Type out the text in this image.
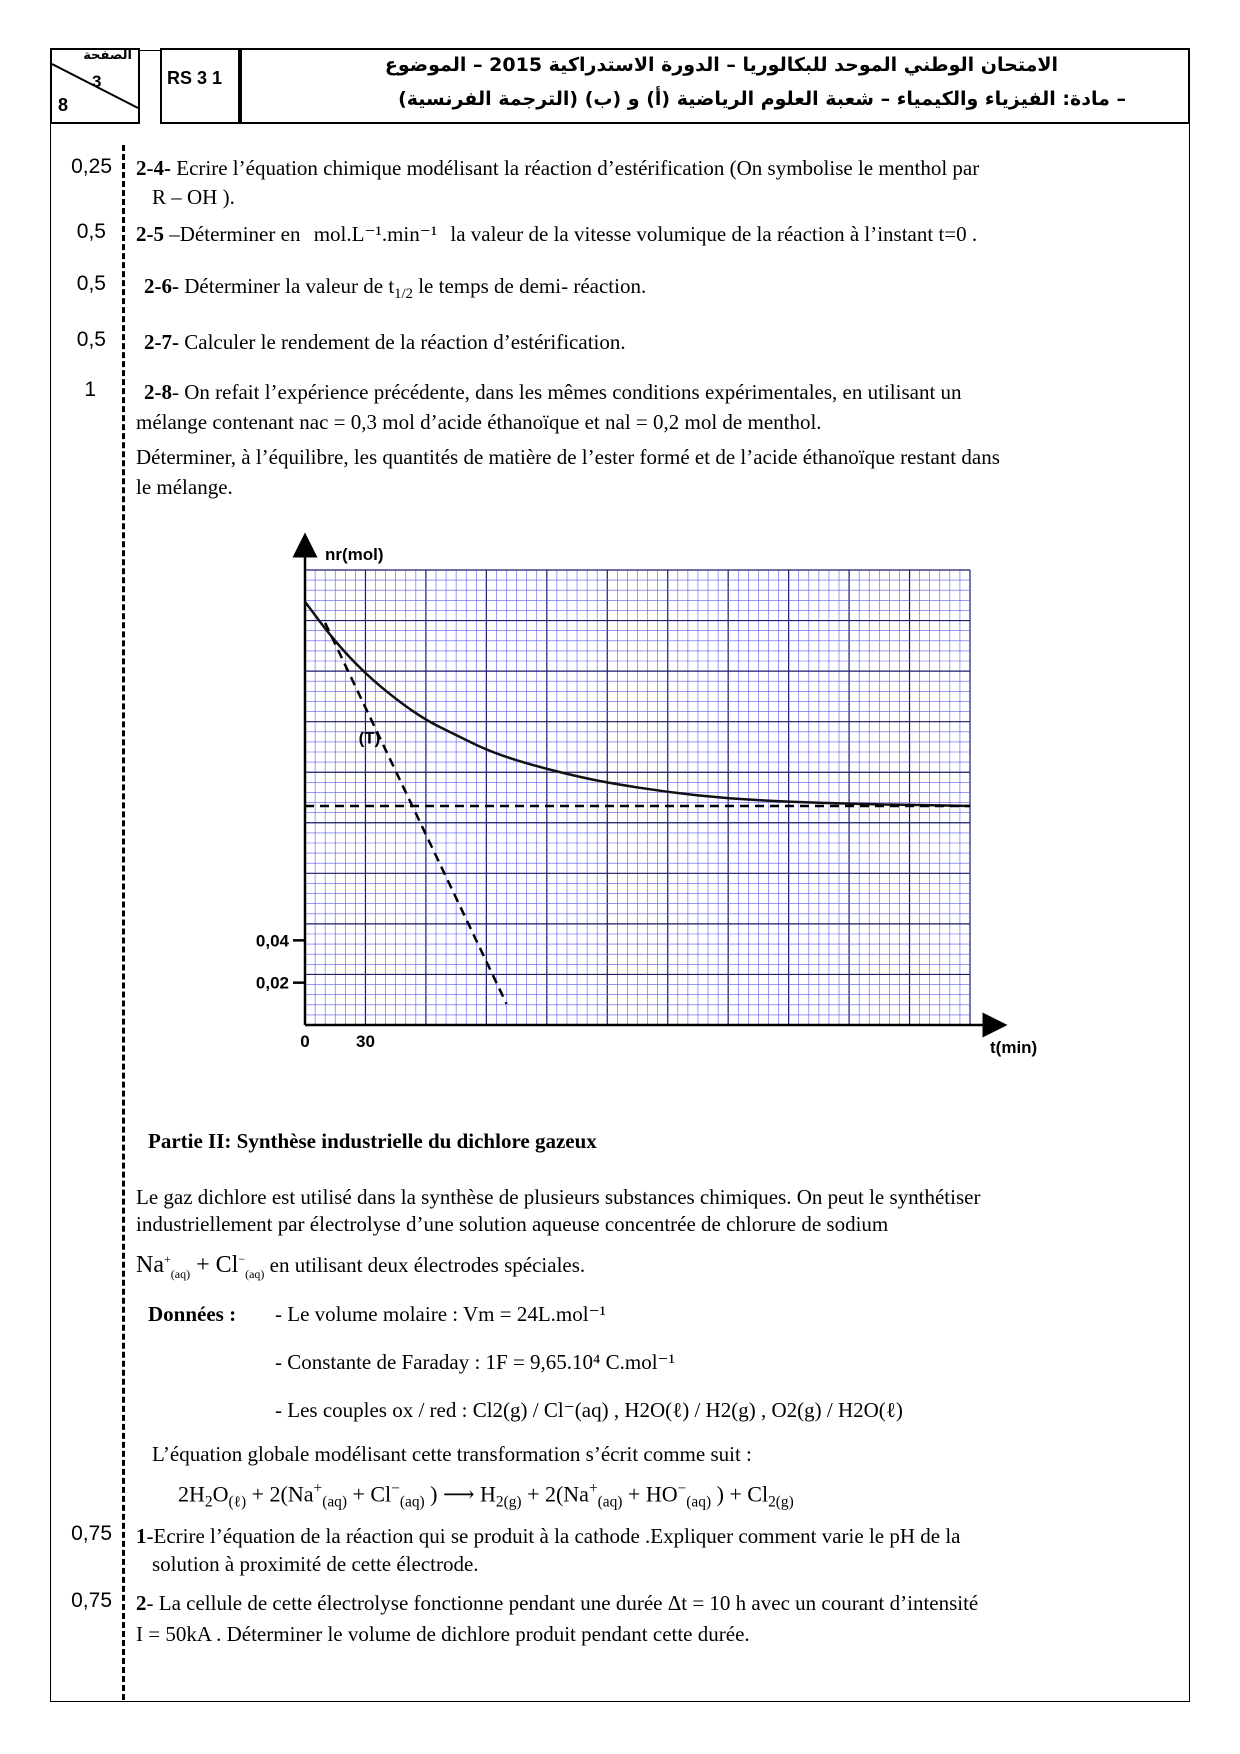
الصفحة
3
8
RS 3 1
الامتحان الوطني الموحد للبكالوريا – الدورة الاستدراكية 2015 – الموضوع
– مادة: الفيزياء والكيمياء – شعبة العلوم الرياضية (أ) و (ب) (الترجمة الفرنسية)
0,25
0,5
0,5
0,5
1
0,75
0,75
2-4- Ecrire l’équation chimique modélisant la réaction d’estérification (On symbolise le menthol par
R – OH ).
2-5 –Déterminer en mol.L⁻¹.min⁻¹ la valeur de la vitesse volumique de la réaction à l’instant t=0 .
2-6- Déterminer la valeur de $t_{1/2}$ le temps de demi- réaction.
2-7- Calculer le rendement de la réaction d’estérification.
2-8- On refait l’expérience précédente, dans les mêmes conditions expérimentales, en utilisant un
mélange contenant nac = 0,3 mol d’acide éthanoïque et nal = 0,2 mol de menthol.
Déterminer, à l’équilibre, les quantités de matière de l’ester formé et de l’acide éthanoïque restant dans
le mélange.
0,02
0,04
0	30
nr(mol)
t(min)
(T)
Partie II: Synthèse industrielle du dichlore gazeux
Le gaz dichlore est utilisé dans la synthèse de plusieurs substances chimiques. On peut le synthétiser
industriellement par électrolyse d’une solution aqueuse concentrée de chlorure de sodium
$Na^+_{(aq)} + Cl^-_{(aq)}$ en utilisant deux électrodes spéciales.
Données : - Le volume molaire : Vm = 24L.mol⁻¹
- Constante de Faraday : 1F = 9,65.10⁴ C.mol⁻¹
- Les couples ox / red : Cl2(g) / Cl⁻(aq) , H2O(ℓ) / H2(g) , O2(g) / H2O(ℓ)
L’équation globale modélisant cette transformation s’écrit comme suit :
$2H_2O_{(\ell)} + 2(Na^+_{(aq)} + Cl^-_{(aq)}$ ) ⟶ $H_{2(g)} + 2(Na^+_{(aq)} + HO^-_{(aq)}$ ) + $Cl_{2(g)}$
1-Ecrire l’équation de la réaction qui se produit à la cathode .Expliquer comment varie le pH de la
solution à proximité de cette électrode.
2- La cellule de cette électrolyse fonctionne pendant une durée Δt = 10 h avec un courant d’intensité
I = 50kA . Déterminer le volume de dichlore produit pendant cette durée.
